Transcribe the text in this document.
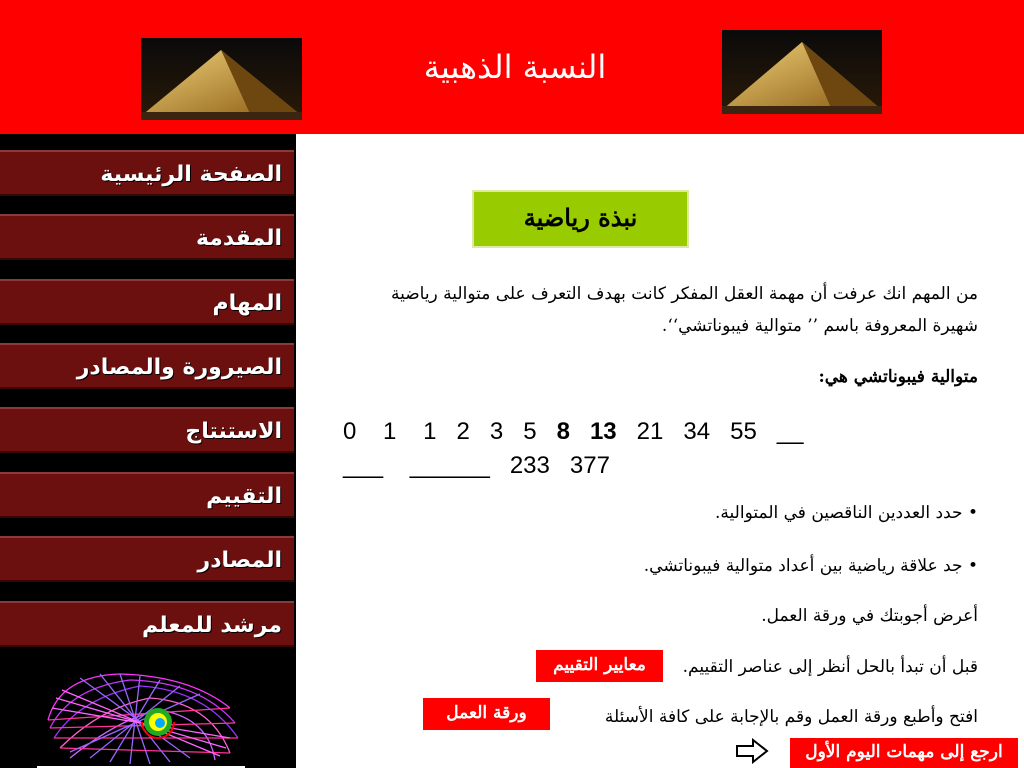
النسبة الذهبية
الصفحة الرئيسية
المقدمة
المهام
الصيرورة والمصادر
الاستنتاج
التقييم
المصادر
مرشد للمعلم
نبذة رياضية
من المهم انك عرفت أن مهمة العقل المفكر كانت بهدف التعرف على متوالية رياضية
شهيرة المعروفة باسم ’’ متوالية فيبوناتشي‘‘.
متوالية فيبوناتشي هي:
0 1 1 2 3 5 8 13 21 34 55 __
___ ______ 233 377
• حدد العددين الناقصين في المتوالية.
• جد علاقة رياضية بين أعداد متوالية فيبوناتشي.
أعرض أجوبتك في ورقة العمل.
قبل أن تبدأ بالحل أنظر إلى عناصر التقييم.
معايير التقييم
افتح وأطبع ورقة العمل وقم بالإجابة على كافة الأسئلة
ورقة العمل
ارجع إلى مهمات اليوم الأول
